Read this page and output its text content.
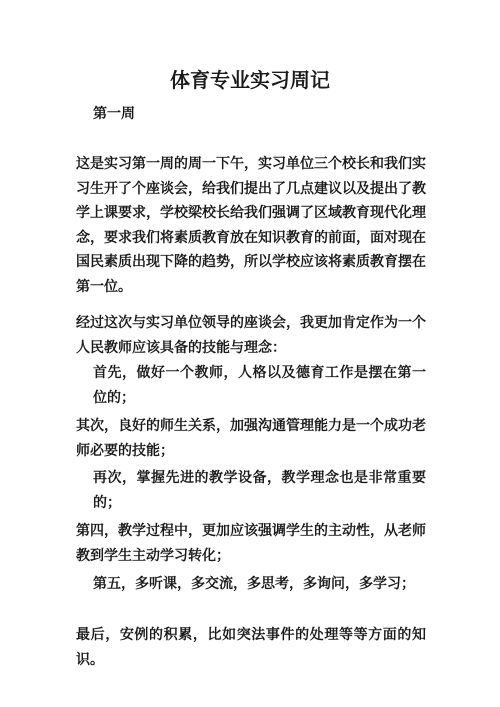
体育专业实习周记
第一周
这是实习第一周的周一下午，实习单位三个校长和我们实习生开了个座谈会，给我们提出了几点建议以及提出了教学上课要求，学校梁校长给我们强调了区域教育现代化理念，要求我们将素质教育放在知识教育的前面，面对现在国民素质出现下降的趋势，所以学校应该将素质教育摆在第一位。
经过这次与实习单位领导的座谈会，我更加肯定作为一个人民教师应该具备的技能与理念：
首先，做好一个教师，人格以及德育工作是摆在第一位的；
其次，良好的师生关系，加强沟通管理能力是一个成功老师必要的技能；
再次，掌握先进的教学设备，教学理念也是非常重要的；
第四，教学过程中，更加应该强调学生的主动性，从老师教到学生主动学习转化；
第五，多听课，多交流，多思考，多询问，多学习；
最后，安例的积累，比如突法事件的处理等等方面的知识。
